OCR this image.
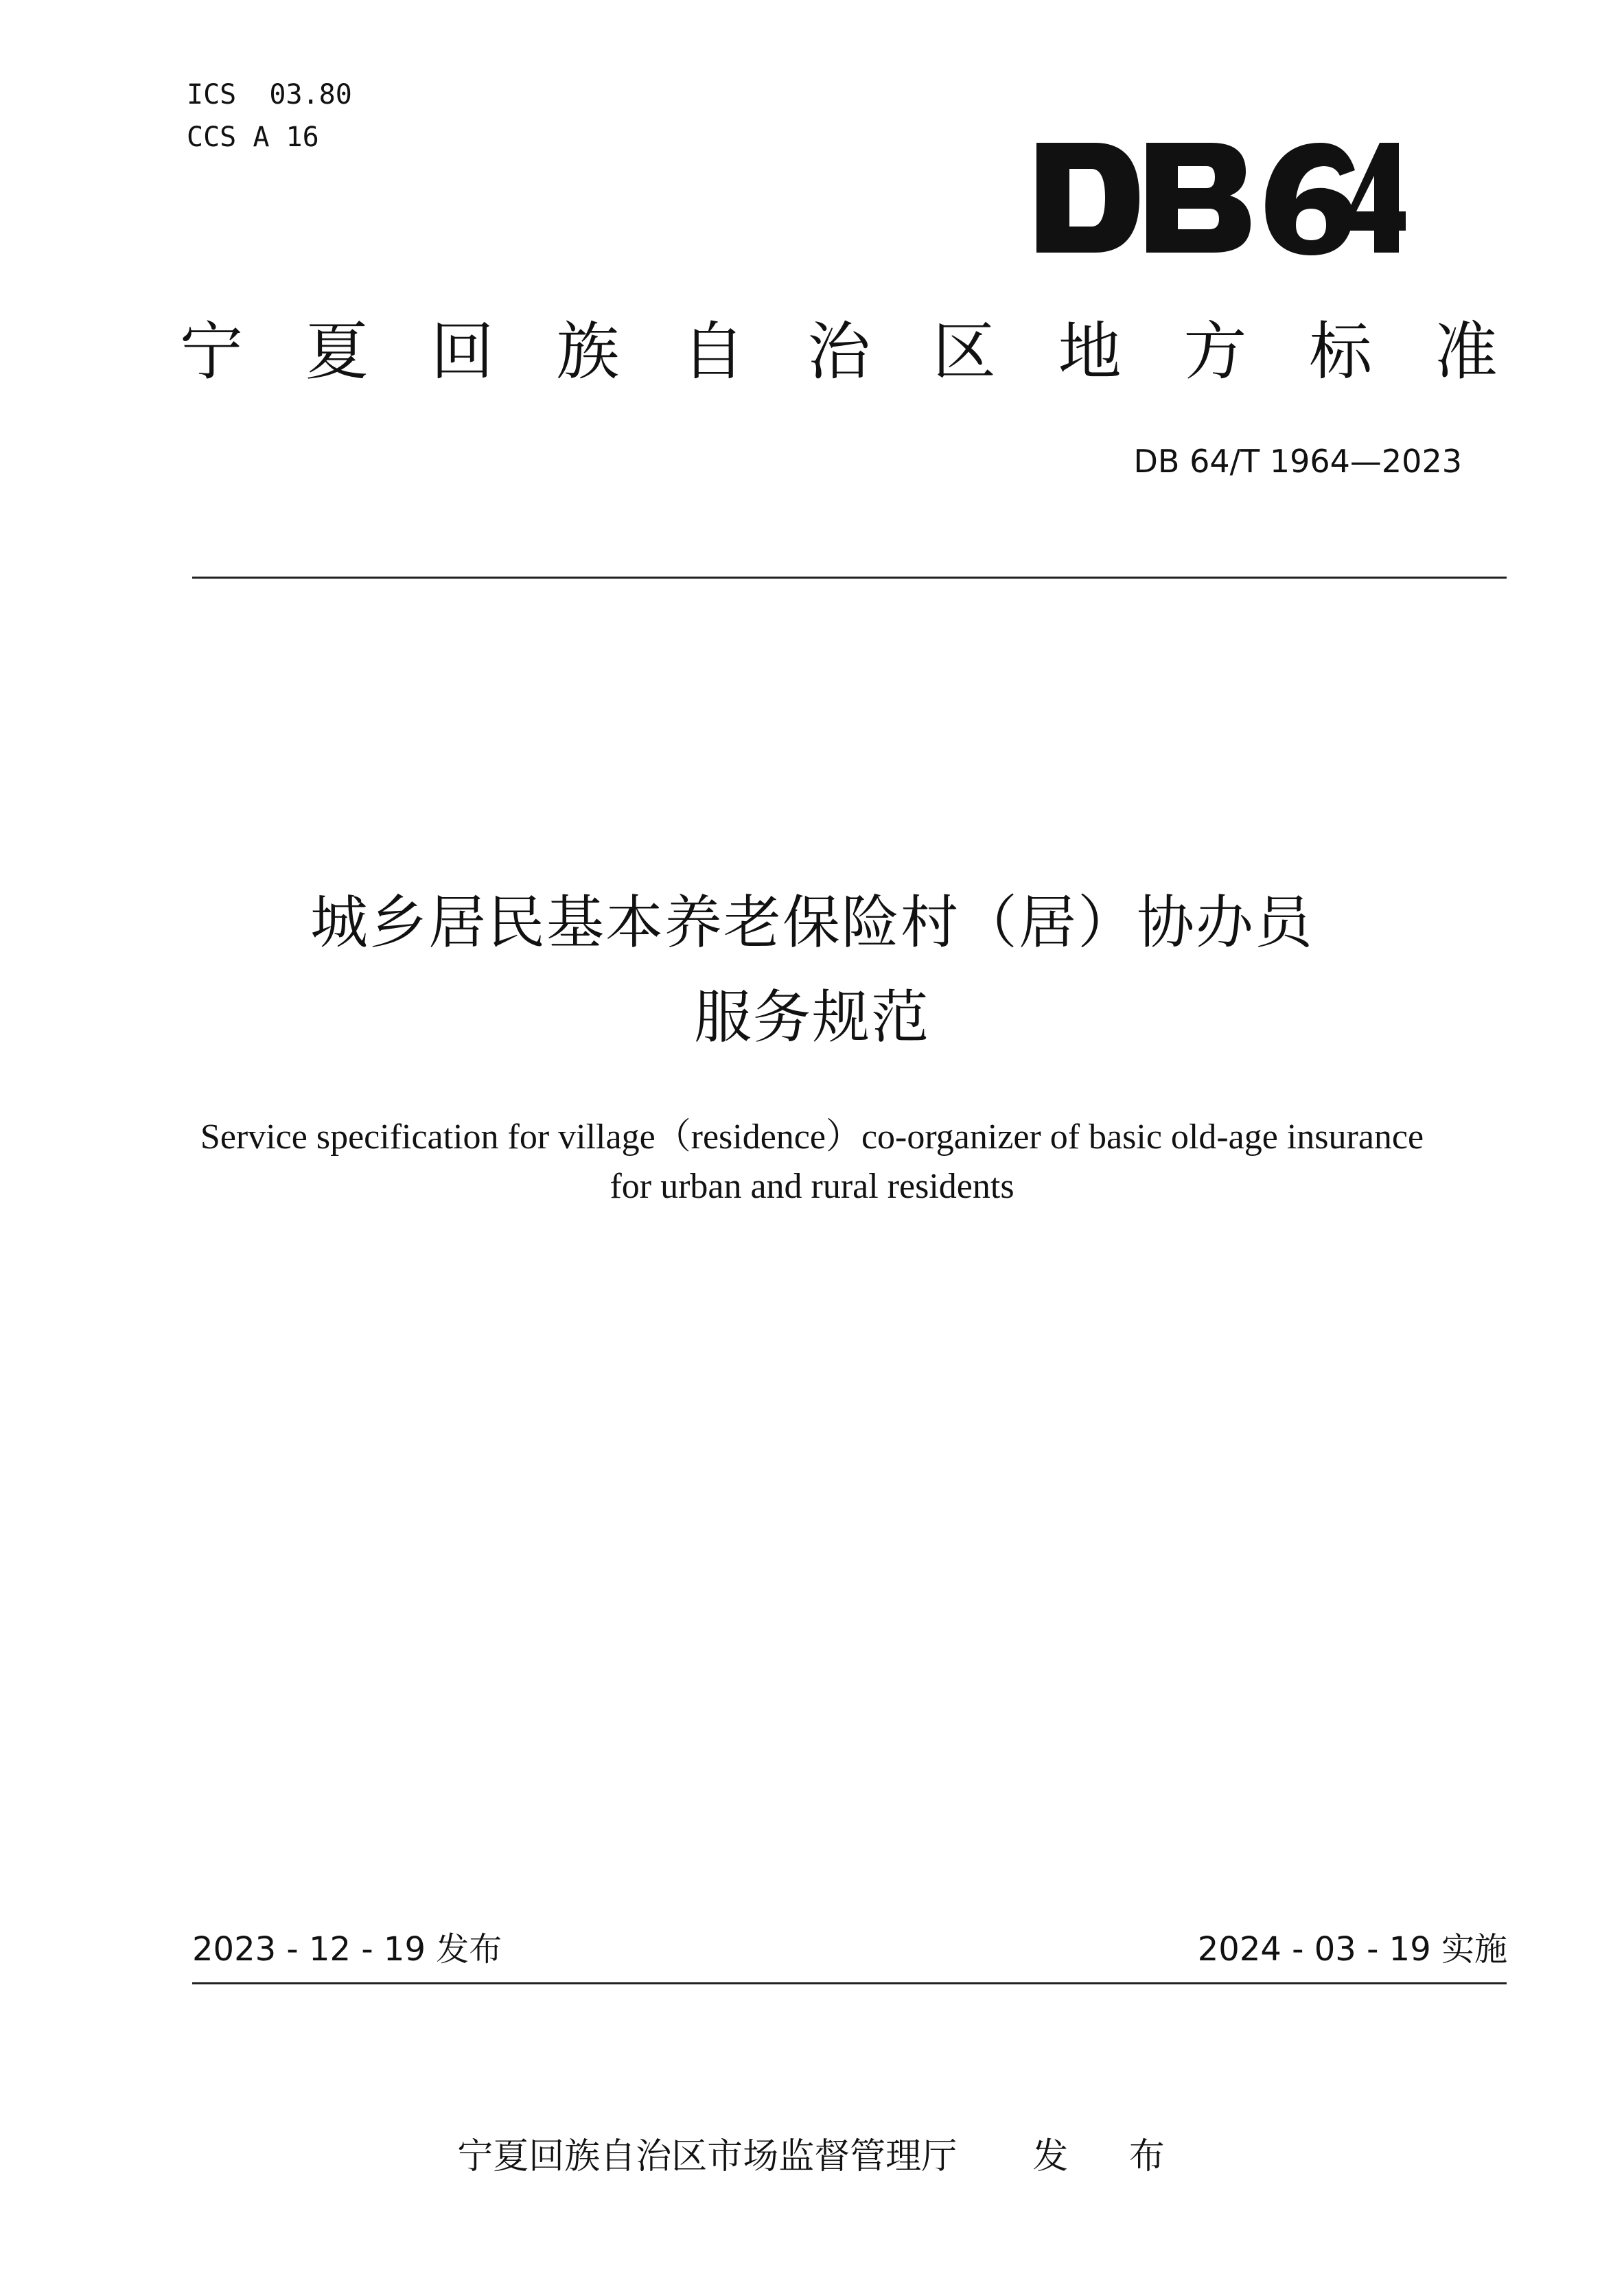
ICS  03.80
CCS A 16
宁 夏 回 族 自 治 区 地 方 标 准
DB 64/T 1964—2023
城乡居民基本养老保险村（居）协办员
服务规范
Service specification for village（residence）co-organizer of basic old-age insurance
for urban and rural residents
2023 - 12 - 19 发布	2024 - 03 - 19 实施

宁夏回族自治区市场监督管理厅 发 布
